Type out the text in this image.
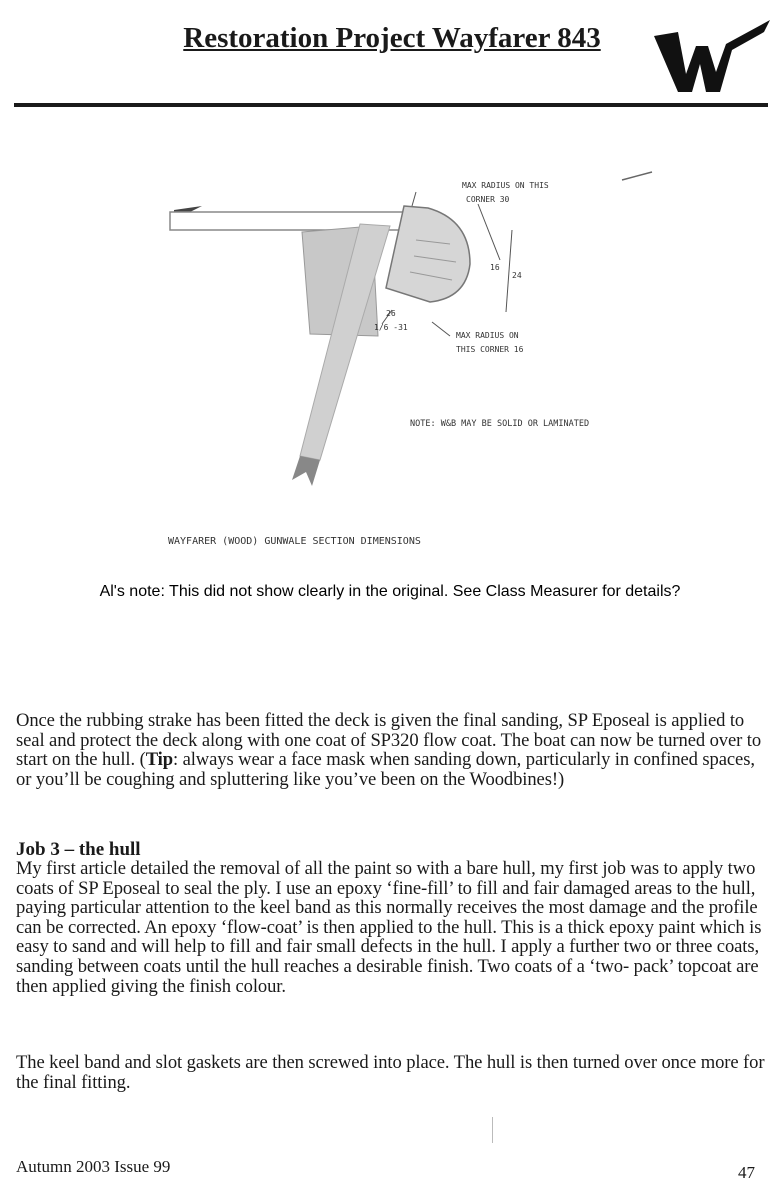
Restoration Project Wayfarer 843
MAX RADIUS ON THIS
CORNER 30
24
16
26
1/6 -31
MAX RADIUS ON
THIS CORNER 16
NOTE: W&B MAY BE SOLID OR LAMINATED
WAYFARER (WOOD) GUNWALE SECTION DIMENSIONS
Al's note: This did not show clearly in the original. See Class Measurer for details?

Once the rubbing strake has been fitted the deck is given the final sanding, SP Eposeal is applied to seal and protect the deck along with one coat of SP320 flow coat. The boat can now be turned over to start on the hull. (Tip: always wear a face mask when sanding down, particularly in confined spaces, or you’ll be coughing and spluttering like you’ve been on the Woodbines!)

Job 3 – the hull

My first article detailed the removal of all the paint so with a bare hull, my first job was to apply two coats of SP Eposeal to seal the ply. I use an epoxy ‘fine-fill’ to fill and fair damaged areas to the hull, paying particular attention to the keel band as this normally receives the most damage and the profile can be corrected. An epoxy ‘flow-coat’ is then applied to the hull. This is a thick epoxy paint which is easy to sand and will help to fill and fair small defects in the hull. I apply a further two or three coats, sanding between coats until the hull reaches a desirable finish. Two coats of a ‘two- pack’ topcoat are then applied giving the finish colour.

The keel band and slot gaskets are then screwed into place. The hull is then turned over once more for the final fitting.

Autumn 2003 Issue 99	47
